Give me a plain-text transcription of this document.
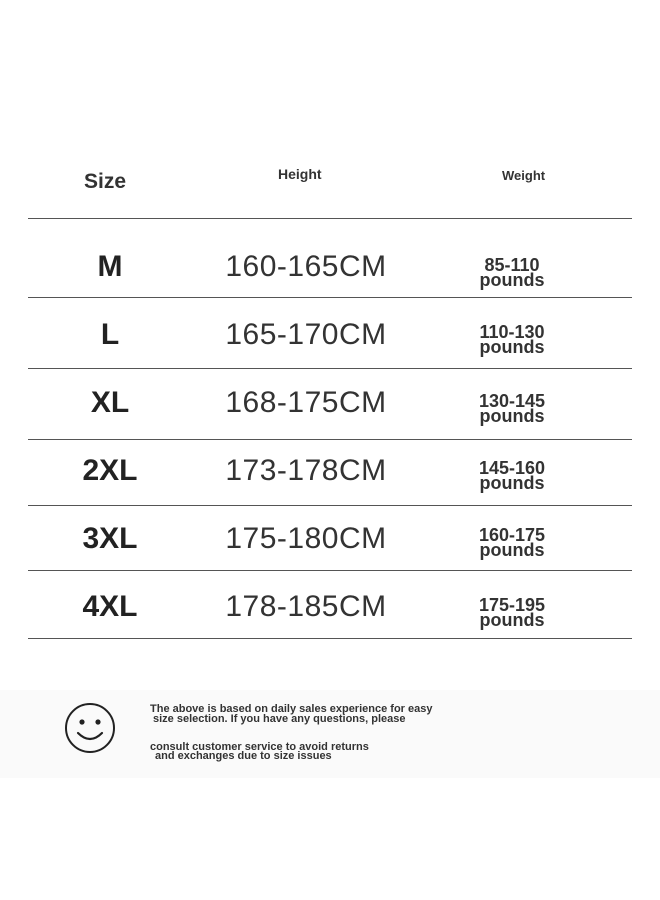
Size	Height	Weight
M	160-165CM	85-110
pounds
L	165-170CM	110-130
pounds
XL	168-175CM	130-145
pounds
2XL	173-178CM	145-160
pounds
3XL	175-180CM	160-175
pounds
4XL	178-185CM	175-195
pounds
The above is based on daily sales experience for easy
size selection. If you have any questions, please
consult customer service to avoid returns
and exchanges due to size issues
